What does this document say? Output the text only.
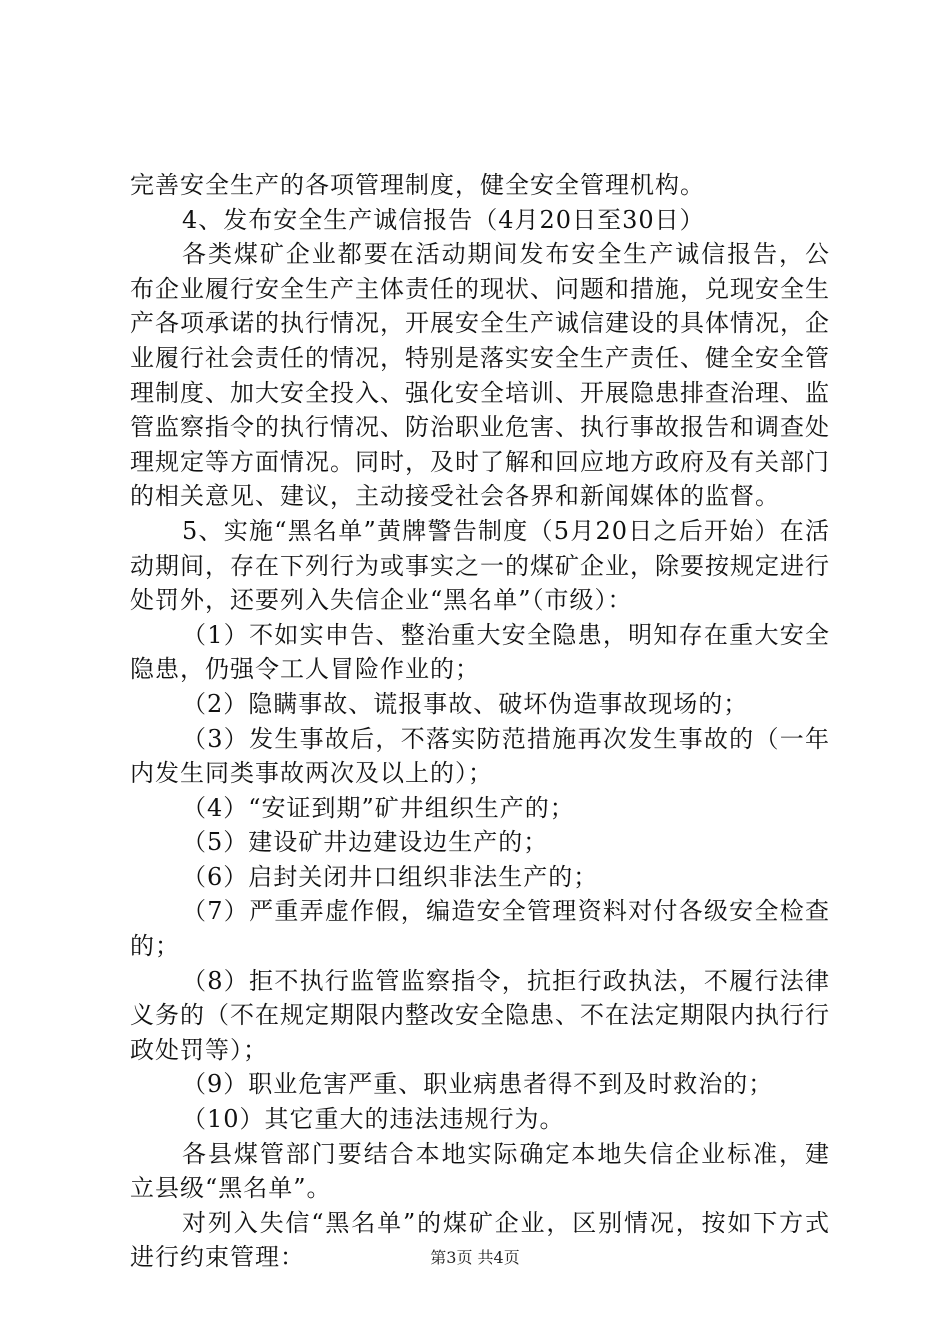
完善安全生产的各项管理制度，健全安全管理机构。

4、发布安全生产诚信报告（4月20日至30日）

各类煤矿企业都要在活动期间发布安全生产诚信报告，公布企业履行安全生产主体责任的现状、问题和措施，兑现安全生产各项承诺的执行情况，开展安全生产诚信建设的具体情况，企业履行社会责任的情况，特别是落实安全生产责任、健全安全管理制度、加大安全投入、强化安全培训、开展隐患排查治理、监管监察指令的执行情况、防治职业危害、执行事故报告和调查处理规定等方面情况。同时，及时了解和回应地方政府及有关部门的相关意见、建议，主动接受社会各界和新闻媒体的监督。

5、实施“黑名单”黄牌警告制度（5月20日之后开始）在活动期间，存在下列行为或事实之一的煤矿企业，除要按规定进行处罚外，还要列入失信企业“黑名单”（市级）：

（1）不如实申告、整治重大安全隐患，明知存在重大安全隐患，仍强令工人冒险作业的；

（2）隐瞒事故、谎报事故、破坏伪造事故现场的；

（3）发生事故后，不落实防范措施再次发生事故的（一年内发生同类事故两次及以上的）；

（4）“安证到期”矿井组织生产的；

（5）建设矿井边建设边生产的；

（6）启封关闭井口组织非法生产的；

（7）严重弄虚作假，编造安全管理资料对付各级安全检查的；

（8）拒不执行监管监察指令，抗拒行政执法，不履行法律义务的（不在规定期限内整改安全隐患、不在法定期限内执行行政处罚等）；

（9）职业危害严重、职业病患者得不到及时救治的；

（10）其它重大的违法违规行为。

各县煤管部门要结合本地实际确定本地失信企业标准，建立县级“黑名单”。

对列入失信“黑名单”的煤矿企业，区别情况，按如下方式进行约束管理：	第3页 共4页
